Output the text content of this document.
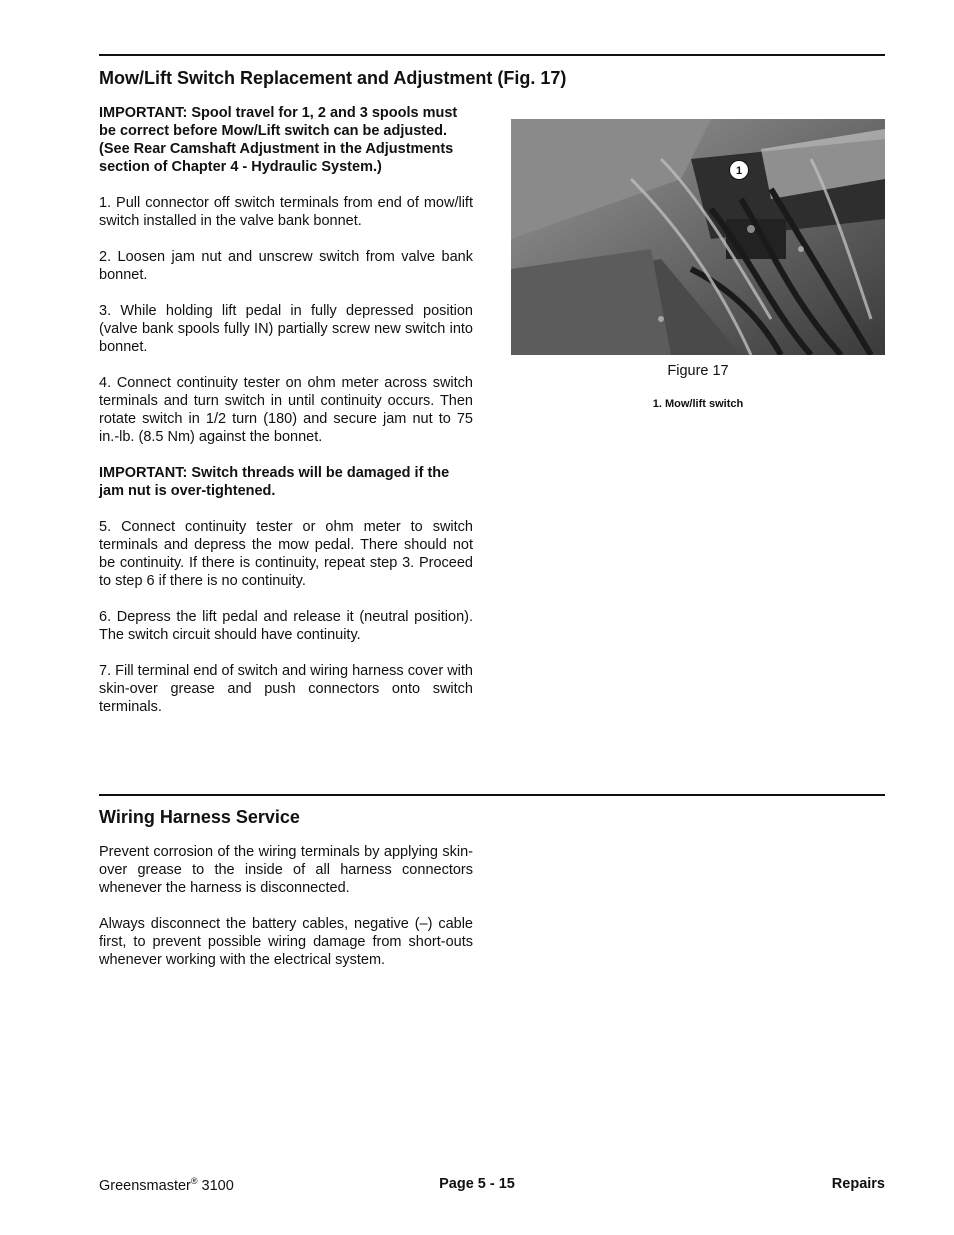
Mow/Lift Switch Replacement and Adjustment (Fig. 17)

IMPORTANT: Spool travel for 1, 2 and 3 spools must be correct before Mow/Lift switch can be adjusted. (See Rear Camshaft Adjustment in the Adjustments section of Chapter 4 - Hydraulic System.)

1. Pull connector off switch terminals from end of mow/lift switch installed in the valve bank bonnet.

2. Loosen jam nut and unscrew switch from valve bank bonnet.

3. While holding lift pedal in fully depressed position (valve bank spools fully IN) partially screw new switch into bonnet.

4. Connect continuity tester on ohm meter across switch terminals and turn switch in until continuity occurs. Then rotate switch in 1/2 turn (180) and secure jam nut to 75 in.-lb. (8.5 Nm) against the bonnet.

IMPORTANT: Switch threads will be damaged if the jam nut is over-tightened.

5. Connect continuity tester or ohm meter to switch terminals and depress the mow pedal. There should not be continuity. If there is continuity, repeat step 3. Proceed to step 6 if there is no continuity.

6. Depress the lift pedal and release it (neutral position). The switch circuit should have continuity.

7. Fill terminal end of switch and wiring harness cover with skin-over grease and push connectors onto switch terminals.

1
Figure 17
1. Mow/lift switch
Wiring Harness Service

Prevent corrosion of the wiring terminals by applying skin-over grease to the inside of all harness connectors whenever the harness is disconnected.

Always disconnect the battery cables, negative (–) cable first, to prevent possible wiring damage from short-outs whenever working with the electrical system.

Greensmaster® 3100	Page 5 - 15	Repairs
